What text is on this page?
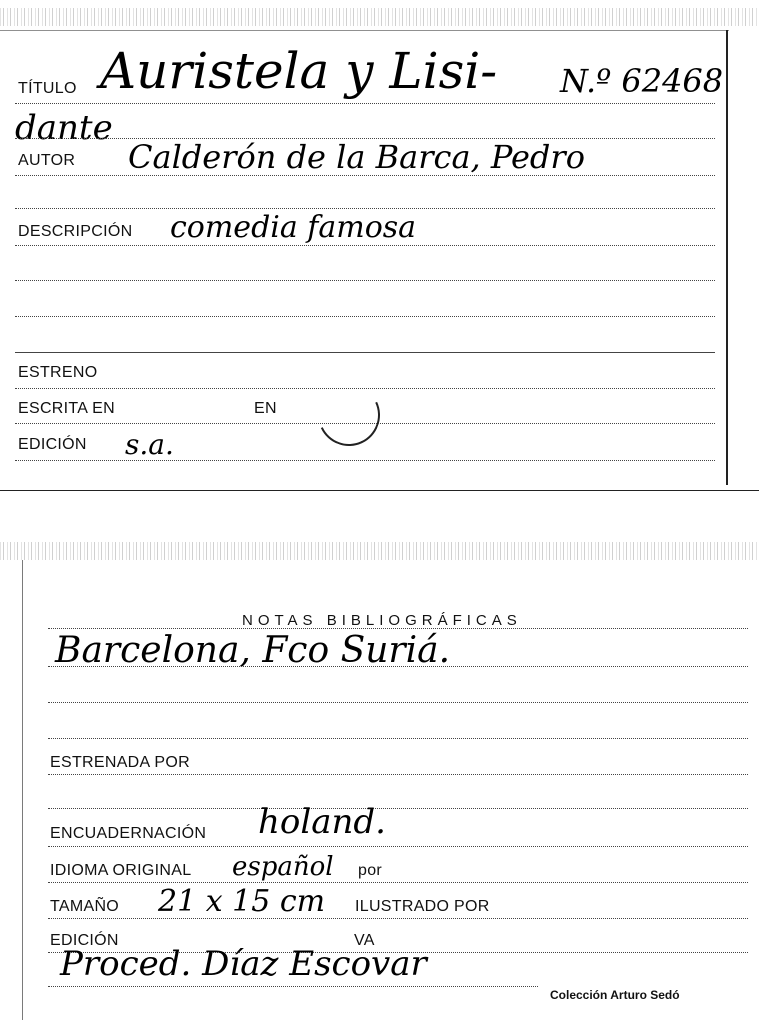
TÍTULO Auristela y Lisi- N.º 62468
dante
AUTOR Calderón de la Barca, Pedro
DESCRIPCIÓN comedia famosa
ESTRENO
ESCRITA EN	EN
EDICIÓN s.a.
NOTAS BIBLIOGRÁFICAS
Barcelona, Fco Suriá.
ESTRENADA POR
ENCUADERNACIÓN holand.
IDIOMA ORIGINAL español por
TAMAÑO 21 x 15 cm ILUSTRADO POR
EDICIÓN	VA
Proced. Díaz Escovar
Colección Arturo Sedó
